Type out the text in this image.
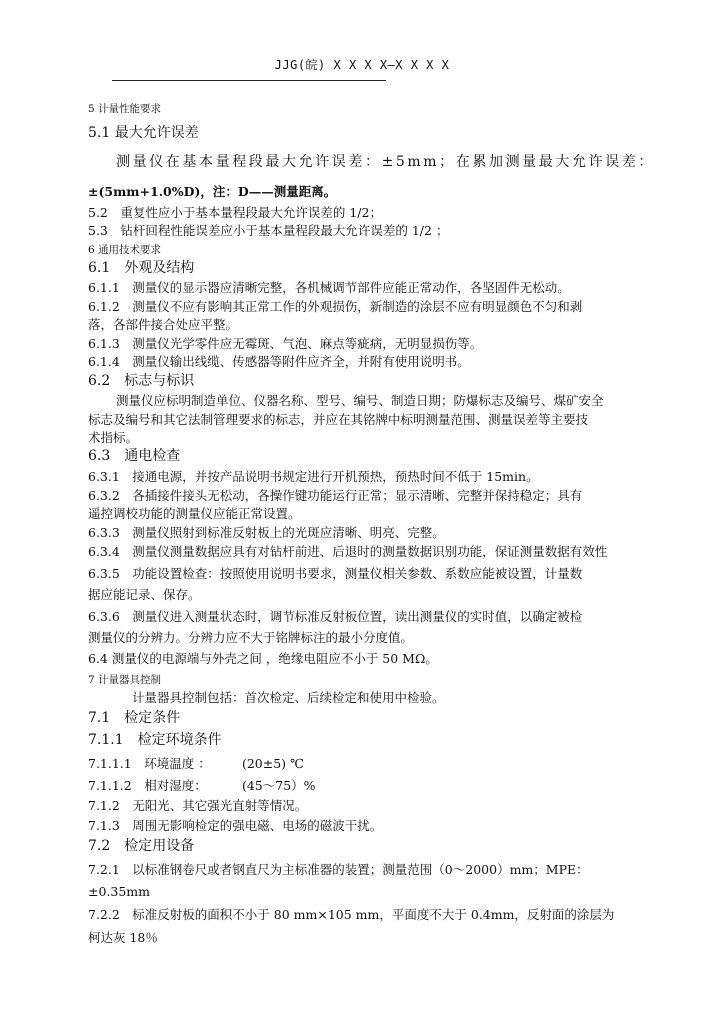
JJG(皖) X X X X—X X X X
5 计量性能要求
5.1 最大允许误差
测量仪在基本量程段最大允许误差：±5mm；在累加测量最大允许误差：
±(5mm+1.0%D)，注：D——测量距离。
5.2　重复性应小于基本量程段最大允许误差的 1/2；
5.3　钻杆回程性能误差应小于基本量程段最大允许误差的 1/2 ；
6 通用技术要求
6.1　外观及结构
6.1.1　测量仪的显示器应清晰完整，各机械调节部件应能正常动作，各坚固件无松动。
6.1.2　测量仪不应有影响其正常工作的外观损伤，新制造的涂层不应有明显颜色不匀和剥
落，各部件接合处应平整。
6.1.3　测量仪光学零件应无霉斑、气泡、麻点等疵病，无明显损伤等。
6.1.4　测量仪输出线缆、传感器等附件应齐全，并附有使用说明书。
6.2　标志与标识
测量仪应标明制造单位、仪器名称、型号、编号、制造日期；防爆标志及编号、煤矿安全
标志及编号和其它法制管理要求的标志，并应在其铭牌中标明测量范围、测量误差等主要技
术指标。
6.3　通电检查
6.3.1　接通电源，并按产品说明书规定进行开机预热，预热时间不低于 15min。
6.3.2　各插接件接头无松动，各操作键功能运行正常；显示清晰、完整并保持稳定；具有
遥控调校功能的测量仪应能正常设置。
6.3.3　测量仪照射到标准反射板上的光斑应清晰、明亮、完整。
6.3.4　测量仪测量数据应具有对钻杆前进、后退时的测量数据识别功能，保证测量数据有效性
6.3.5　功能设置检查：按照使用说明书要求，测量仪相关参数、系数应能被设置，计量数
据应能记录、保存。
6.3.6　测量仪进入测量状态时，调节标准反射板位置，读出测量仪的实时值，以确定被检
测量仪的分辨力。分辨力应不大于铭牌标注的最小分度值。
6.4 测量仪的电源端与外壳之间 ，绝缘电阻应不小于 50 MΩ。
7 计量器具控制
计量器具控制包括：首次检定、后续检定和使用中检验。
7.1　检定条件
7.1.1　检定环境条件
7.1.1.1　环境温度 ：　　　(20±5) ℃
7.1.1.2　相对湿度：　　　 (45～75）%
7.1.2　无阳光、其它强光直射等情况。
7.1.3　周围无影响检定的强电磁、电场的磁波干扰。
7.2　检定用设备
7.2.1　以标准钢卷尺或者钢直尺为主标准器的装置；测量范围（0～2000）mm；MPE：
±0.35mm
7.2.2　标准反射板的面积不小于 80 mm×105 mm，平面度不大于 0.4mm，反射面的涂层为
柯达灰 18％
